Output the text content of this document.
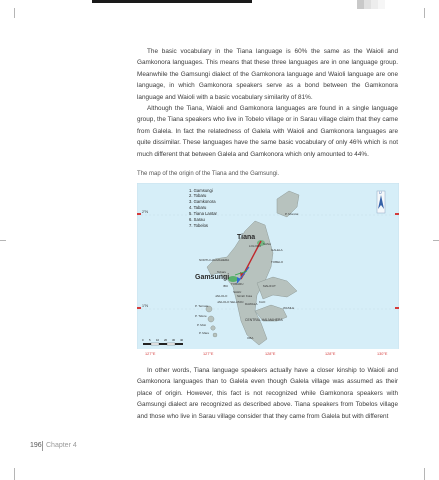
The basic vocabulary in the Tiana language is 60% the same as the Waioli and Gamkonora languages. This means that these three languages are in one language group. Meanwhile the Gamsungi dialect of the Gamkonora language and Waioli language are one language, in which Gamkonora speakers serve as a bond between the Gamkonora language and Waioli with a basic vocabulary similarity of 81%.

Although the Tiana, Waioli and Gamkonora languages are found in a single language group, the Tiana speakers who live in Tobelo village or in Sarau village claim that they came from Galela. In fact the relatedness of Galela with Waioli and Gamkonora languages are quite dissimilar. These languages have the same basic vocabulary of only 46% which is not much different that between Galela and Gamkonora which only amounted to 44%.

The map of the origin of the Tiana and the Gamsungi.

1. Gamsungi
2. Tobaru
3. Gamkonora
4. Tabaru
5. Tiana Lantar
6. Sarau
7. Tobelos
Tiana
Gamsungi
CENTRAL HALMAHERA
P. Morotai
GALELA
TOBELO
NORTH HALMAHERA
SASA
TOBARU
IBU
SAHU
JAILOLO	Sirrah Kota
KAO
MALIFUT
DAWALA
LOLODA
P. Ternate
P. Tidore
P. Moti
P. Mare
OBA
WASILE
JAILOLO SELATAN
Tobaru
2°N
1°N
U
0 5 10 20 30 40
127°E	127°E	128°E	128°E	130°E

In other words, Tiana language speakers actually have a closer kinship to Waioli and Gamkonora languages than to Galela even though Galela village was assumed as their place of origin. However, this fact is not recognized while Gamkonora speakers with Gamsungi dialect are recognized as described above. Tiana speakers from Tobelos village and those who live in Sarau village consider that they came from Galela but with different

196 Chapter 4
